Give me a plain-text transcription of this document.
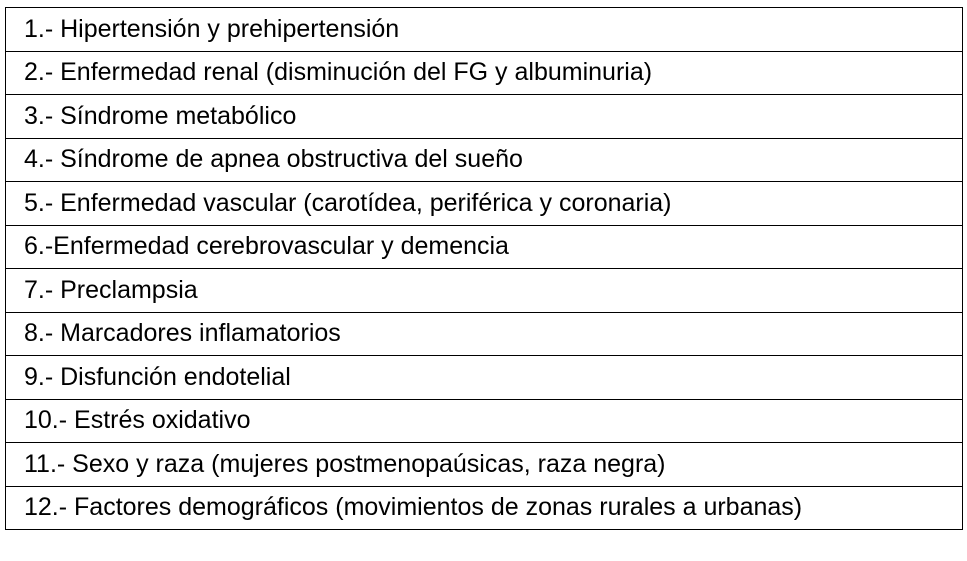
1.- Hipertensión y prehipertensión
2.- Enfermedad renal (disminución del FG y albuminuria)
3.- Síndrome metabólico
4.- Síndrome de apnea obstructiva del sueño
5.- Enfermedad vascular (carotídea, periférica y coronaria)
6.-Enfermedad cerebrovascular y demencia
7.- Preclampsia
8.- Marcadores inflamatorios
9.- Disfunción endotelial
10.- Estrés oxidativo
11.- Sexo y raza (mujeres postmenopaúsicas, raza negra)
12.- Factores demográficos (movimientos de zonas rurales a urbanas)
